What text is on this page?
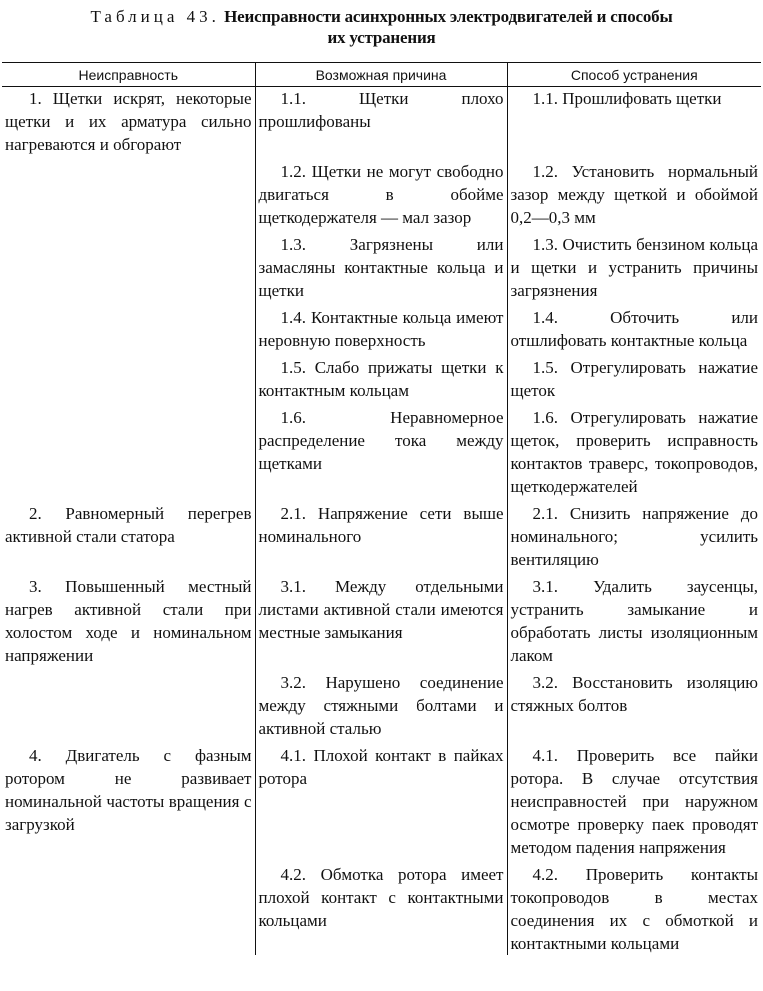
Таблица 43. Неисправности асинхронных электродвигателей и способы
их устранения
Неисправность	Возможная причина	Способ устранения
1. Щетки искрят, некоторые щетки и их арматура сильно нагреваются и обгорают	1.1. Щетки плохо прошлифованы	1.1. Прошлифовать щетки
	1.2. Щетки не могут свободно двигаться в обойме щеткодержателя — мал зазор	1.2. Установить нормальный зазор между щеткой и обоймой 0,2—0,3 мм
	1.3. Загрязнены или замасляны контактные кольца и щетки	1.3. Очистить бензином кольца и щетки и устранить причины загрязнения
	1.4. Контактные кольца имеют неровную поверхность	1.4. Обточить или отшлифовать контактные кольца
	1.5. Слабо прижаты щетки к контактным кольцам	1.5. Отрегулировать нажатие щеток
	1.6. Неравномерное распределение тока между щетками	1.6. Отрегулировать нажатие щеток, проверить исправность контактов траверс, токопроводов, щеткодержателей
2. Равномерный перегрев активной стали статора	2.1. Напряжение сети выше номинального	2.1. Снизить напряжение до номинального; усилить вентиляцию
3. Повышенный местный нагрев активной стали при холостом ходе и номинальном напряжении	3.1. Между отдельными листами активной стали имеются местные замыкания	3.1. Удалить заусенцы, устранить замыкание и обработать листы изоляционным лаком
	3.2. Нарушено соединение между стяжными болтами и активной сталью	3.2. Восстановить изоляцию стяжных болтов
4. Двигатель с фазным ротором не развивает номинальной частоты вращения с загрузкой	4.1. Плохой контакт в пайках ротора	4.1. Проверить все пайки ротора. В случае отсутствия неисправностей при наружном осмотре проверку паек проводят методом падения напряжения
	4.2. Обмотка ротора имеет плохой контакт с контактными кольцами	4.2. Проверить контакты токопроводов в местах соединения их с обмоткой и контактными кольцами
